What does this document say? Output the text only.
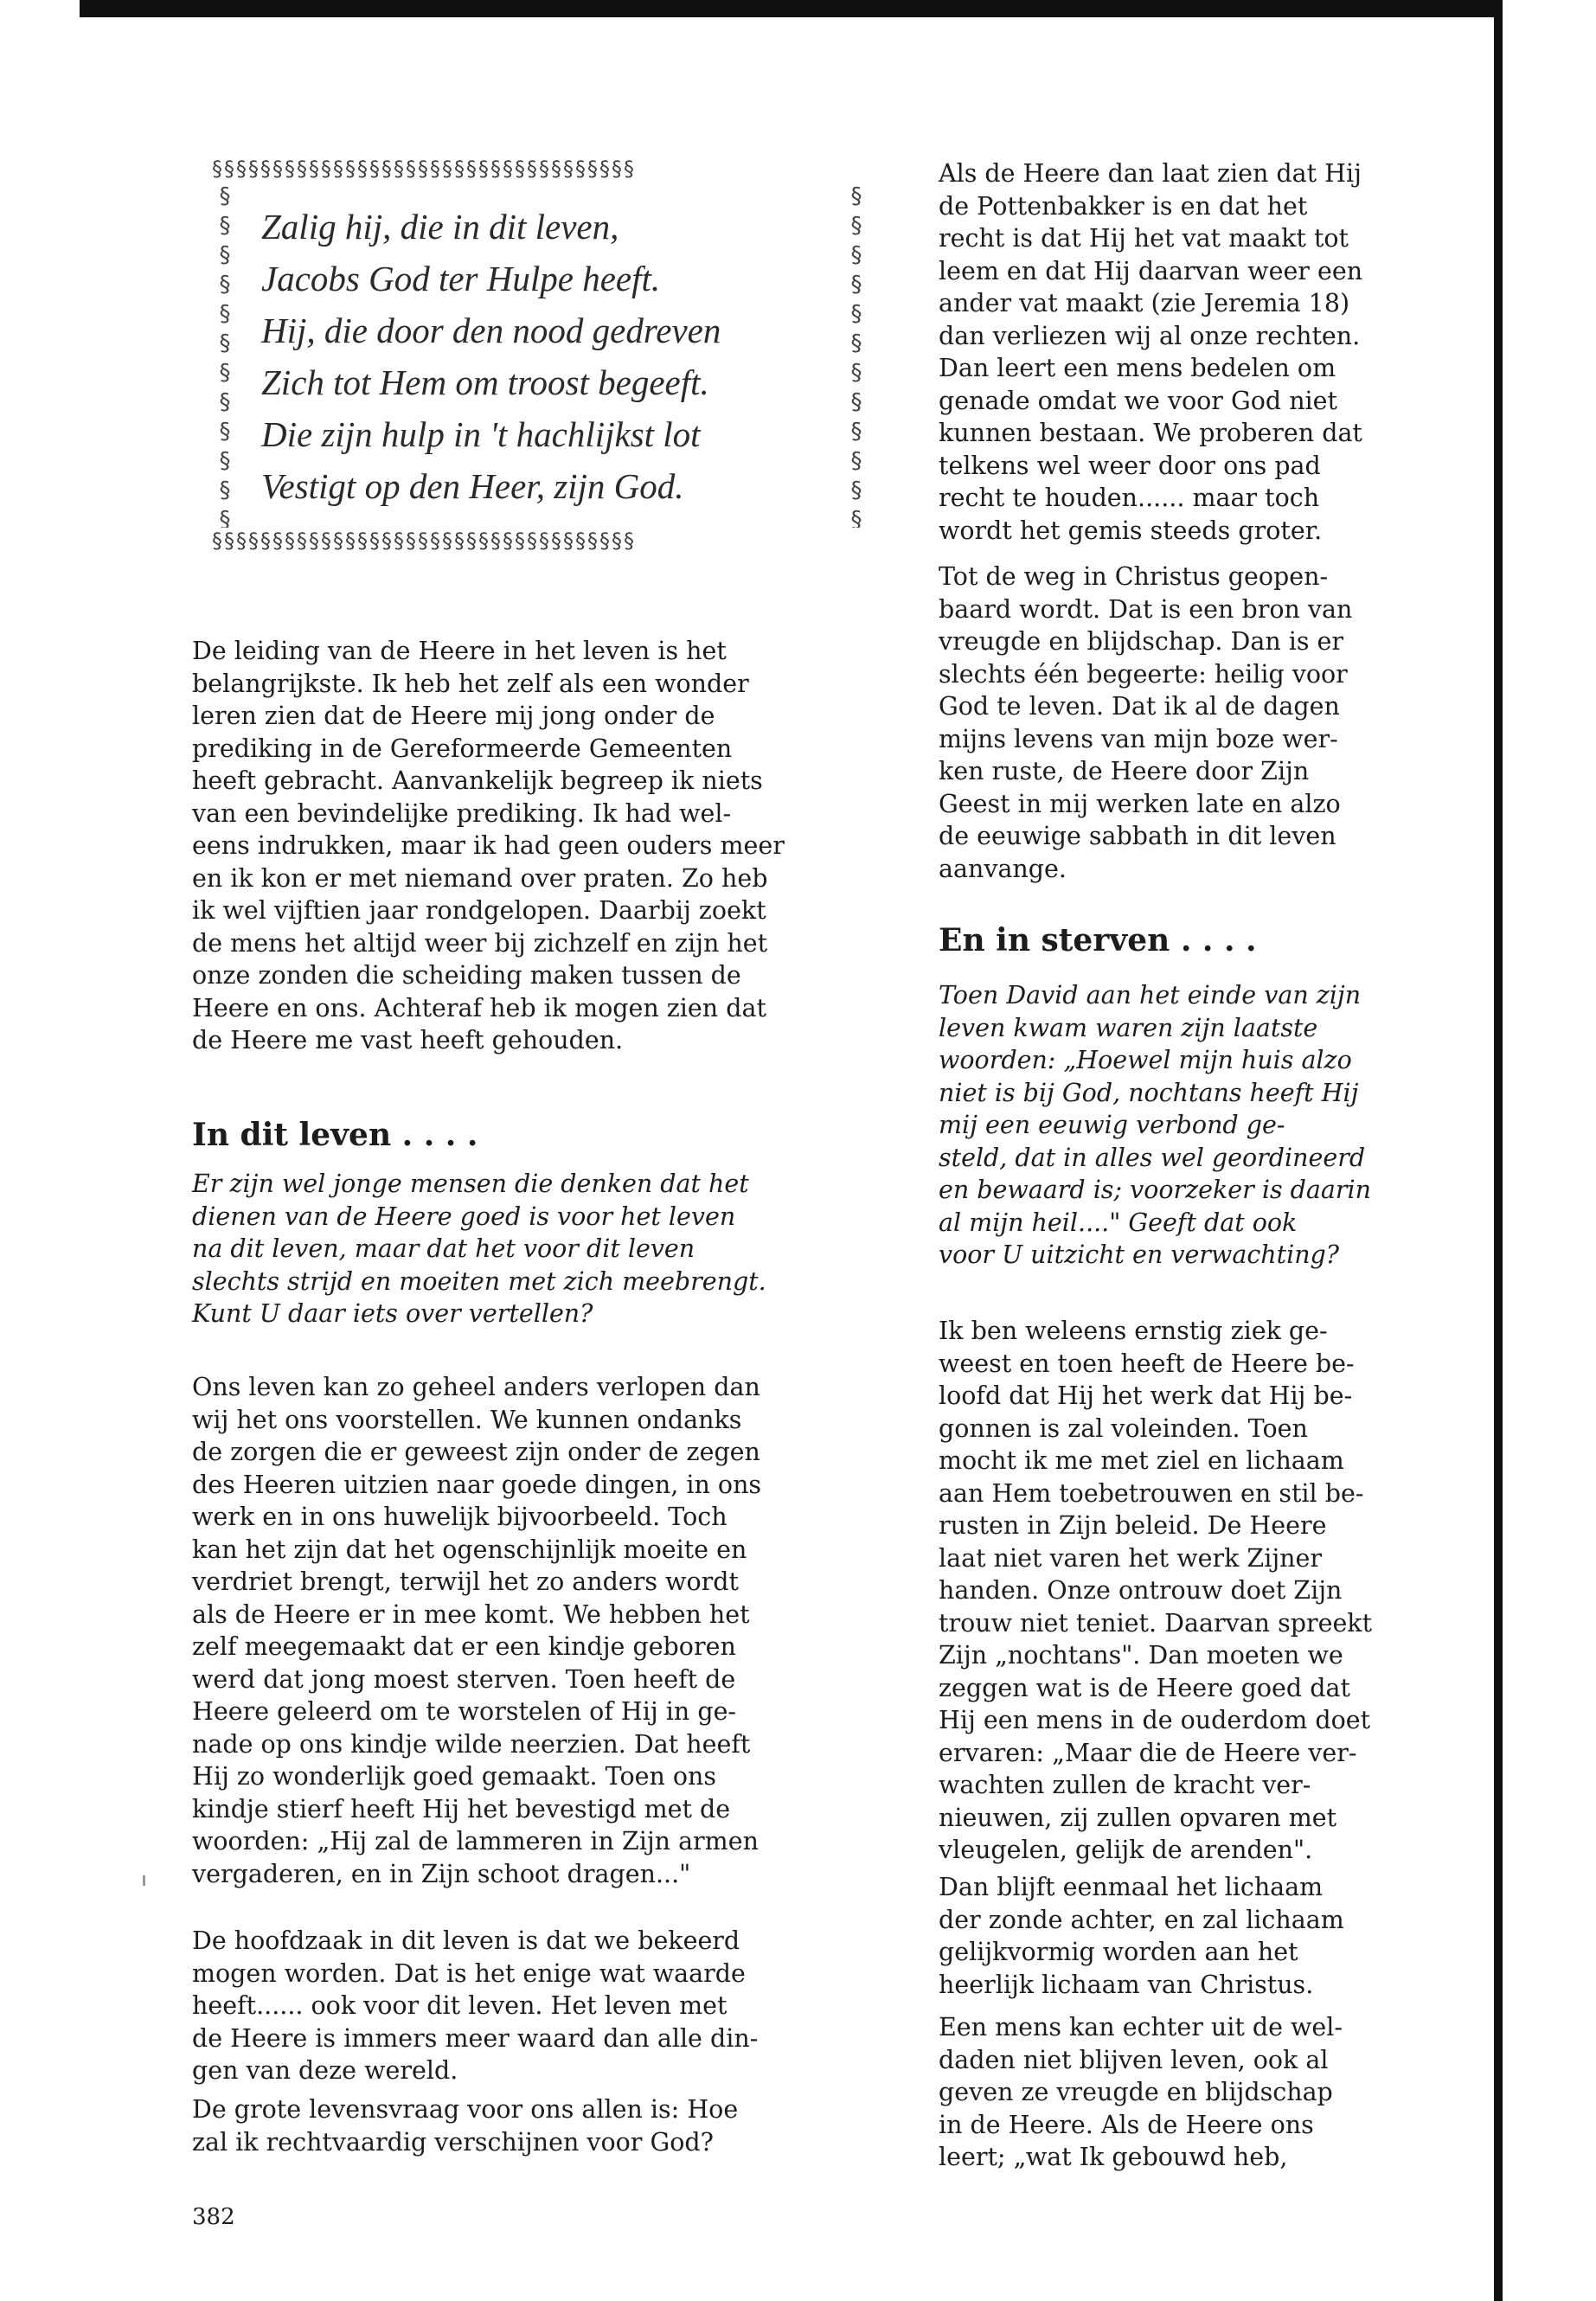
§§§§§§§§§§§§§§§§§§§§§§§§§§§§§§§§§§§
§§§§§§§§§§§§§§§§§§§§§§§§§§§§§§§§§§§
§ § § § § § § § § § § §
§ § § § § § § § § § § §
Zalig hij, die in dit leven,
Jacobs God ter Hulpe heeft.
Hij, die door den nood gedreven
Zich tot Hem om troost begeeft.
Die zijn hulp in 't hachlijkst lot
Vestigt op den Heer, zijn God.

De leiding van de Heere in het leven is het

belangrijkste. Ik heb het zelf als een wonder

leren zien dat de Heere mij jong onder de

prediking in de Gereformeerde Gemeenten

heeft gebracht. Aanvankelijk begreep ik niets

van een bevindelijke prediking. Ik had wel-

eens indrukken, maar ik had geen ouders meer

en ik kon er met niemand over praten. Zo heb

ik wel vijftien jaar rondgelopen. Daarbij zoekt

de mens het altijd weer bij zichzelf en zijn het

onze zonden die scheiding maken tussen de

Heere en ons. Achteraf heb ik mogen zien dat

de Heere me vast heeft gehouden.

In dit leven . . . .

Er zijn wel jonge mensen die denken dat het

dienen van de Heere goed is voor het leven

na dit leven, maar dat het voor dit leven

slechts strijd en moeiten met zich meebrengt.

Kunt U daar iets over vertellen?

Ons leven kan zo geheel anders verlopen dan

wij het ons voorstellen. We kunnen ondanks

de zorgen die er geweest zijn onder de zegen

des Heeren uitzien naar goede dingen, in ons

werk en in ons huwelijk bijvoorbeeld. Toch

kan het zijn dat het ogenschijnlijk moeite en

verdriet brengt, terwijl het zo anders wordt

als de Heere er in mee komt. We hebben het

zelf meegemaakt dat er een kindje geboren

werd dat jong moest sterven. Toen heeft de

Heere geleerd om te worstelen of Hij in ge-

nade op ons kindje wilde neerzien. Dat heeft

Hij zo wonderlijk goed gemaakt. Toen ons

kindje stierf heeft Hij het bevestigd met de

woorden: „Hij zal de lammeren in Zijn armen

vergaderen, en in Zijn schoot dragen..."

De hoofdzaak in dit leven is dat we bekeerd

mogen worden. Dat is het enige wat waarde

heeft...... ook voor dit leven. Het leven met

de Heere is immers meer waard dan alle din-

gen van deze wereld.

De grote levensvraag voor ons allen is: Hoe

zal ik rechtvaardig verschijnen voor God?

Als de Heere dan laat zien dat Hij

de Pottenbakker is en dat het

recht is dat Hij het vat maakt tot

leem en dat Hij daarvan weer een

ander vat maakt (zie Jeremia 18)

dan verliezen wij al onze rechten.

Dan leert een mens bedelen om

genade omdat we voor God niet

kunnen bestaan. We proberen dat

telkens wel weer door ons pad

recht te houden...... maar toch

wordt het gemis steeds groter.

Tot de weg in Christus geopen-

baard wordt. Dat is een bron van

vreugde en blijdschap. Dan is er

slechts één begeerte: heilig voor

God te leven. Dat ik al de dagen

mijns levens van mijn boze wer-

ken ruste, de Heere door Zijn

Geest in mij werken late en alzo

de eeuwige sabbath in dit leven

aanvange.

En in sterven . . . .

Toen David aan het einde van zijn

leven kwam waren zijn laatste

woorden: „Hoewel mijn huis alzo

niet is bij God, nochtans heeft Hij

mij een eeuwig verbond ge-

steld, dat in alles wel geordineerd

en bewaard is; voorzeker is daarin

al mijn heil...." Geeft dat ook

voor U uitzicht en verwachting?

Ik ben weleens ernstig ziek ge-

weest en toen heeft de Heere be-

loofd dat Hij het werk dat Hij be-

gonnen is zal voleinden. Toen

mocht ik me met ziel en lichaam

aan Hem toebetrouwen en stil be-

rusten in Zijn beleid. De Heere

laat niet varen het werk Zijner

handen. Onze ontrouw doet Zijn

trouw niet teniet. Daarvan spreekt

Zijn „nochtans". Dan moeten we

zeggen wat is de Heere goed dat

Hij een mens in de ouderdom doet

ervaren: „Maar die de Heere ver-

wachten zullen de kracht ver-

nieuwen, zij zullen opvaren met

vleugelen, gelijk de arenden".

Dan blijft eenmaal het lichaam

der zonde achter, en zal lichaam

gelijkvormig worden aan het

heerlijk lichaam van Christus.

Een mens kan echter uit de wel-

daden niet blijven leven, ook al

geven ze vreugde en blijdschap

in de Heere. Als de Heere ons

leert; „wat Ik gebouwd heb,

382
